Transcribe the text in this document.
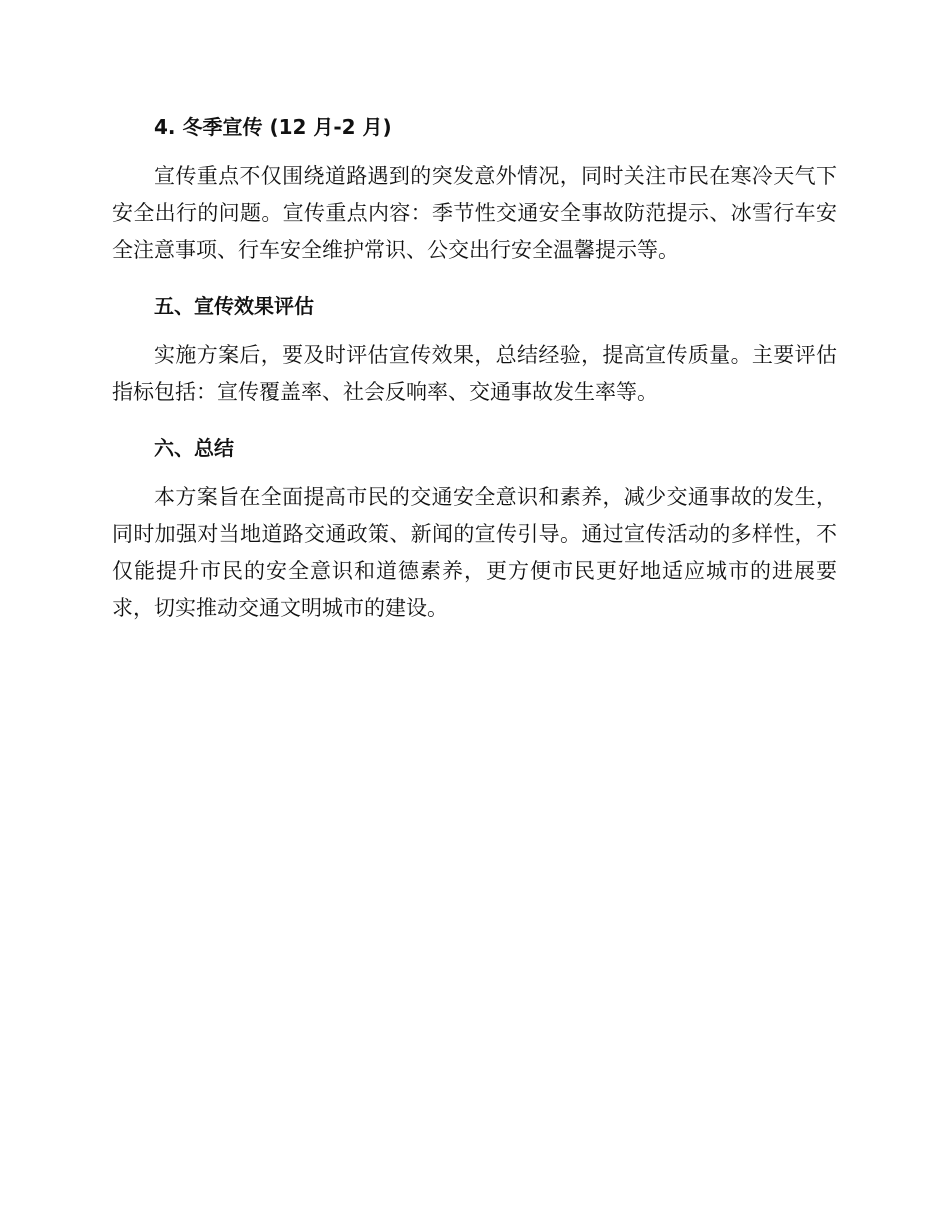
4. 冬季宣传 (12 月-2 月)

宣传重点不仅围绕道路遇到的突发意外情况，同时关注市民在寒冷天气下安全出行的问题。宣传重点内容：季节性交通安全事故防范提示、冰雪行车安全注意事项、行车安全维护常识、公交出行安全温馨提示等。

五、宣传效果评估

实施方案后，要及时评估宣传效果，总结经验，提高宣传质量。主要评估指标包括：宣传覆盖率、社会反响率、交通事故发生率等。

六、总结

本方案旨在全面提高市民的交通安全意识和素养，减少交通事故的发生，同时加强对当地道路交通政策、新闻的宣传引导。通过宣传活动的多样性，不仅能提升市民的安全意识和道德素养，更方便市民更好地适应城市的进展要求，切实推动交通文明城市的建设。
